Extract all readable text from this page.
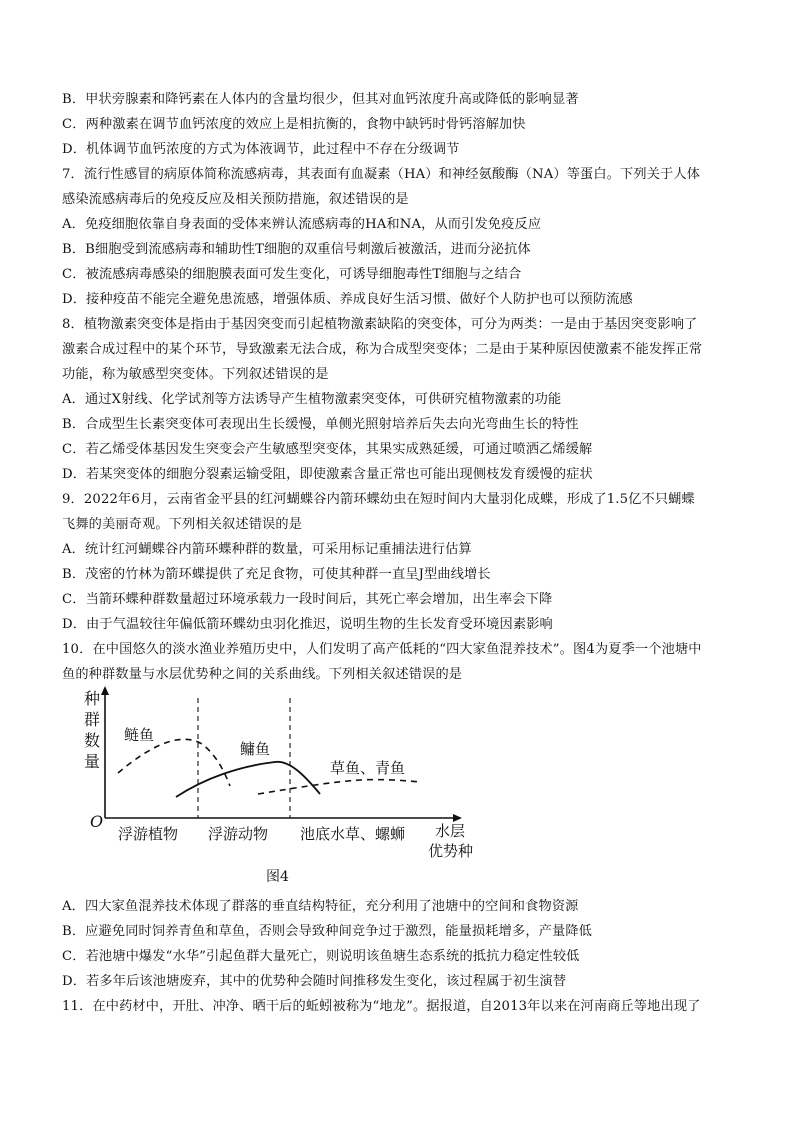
B．甲状旁腺素和降钙素在人体内的含量均很少，但其对血钙浓度升高或降低的影响显著
C．两种激素在调节血钙浓度的效应上是相抗衡的，食物中缺钙时骨钙溶解加快
D．机体调节血钙浓度的方式为体液调节，此过程中不存在分级调节
7．流行性感冒的病原体简称流感病毒，其表面有血凝素（HA）和神经氨酸酶（NA）等蛋白。下列关于人体
感染流感病毒后的免疫反应及相关预防措施，叙述错误的是
A．免疫细胞依靠自身表面的受体来辨认流感病毒的HA和NA，从而引发免疫反应
B．B细胞受到流感病毒和辅助性T细胞的双重信号刺激后被激活，进而分泌抗体
C．被流感病毒感染的细胞膜表面可发生变化，可诱导细胞毒性T细胞与之结合
D．接种疫苗不能完全避免患流感，增强体质、养成良好生活习惯、做好个人防护也可以预防流感
8．植物激素突变体是指由于基因突变而引起植物激素缺陷的突变体，可分为两类：一是由于基因突变影响了
激素合成过程中的某个环节，导致激素无法合成，称为合成型突变体；二是由于某种原因使激素不能发挥正常
功能，称为敏感型突变体。下列叙述错误的是
A．通过X射线、化学试剂等方法诱导产生植物激素突变体，可供研究植物激素的功能
B．合成型生长素突变体可表现出生长缓慢，单侧光照射培养后失去向光弯曲生长的特性
C．若乙烯受体基因发生突变会产生敏感型突变体，其果实成熟延缓，可通过喷洒乙烯缓解
D．若某突变体的细胞分裂素运输受阻，即使激素含量正常也可能出现侧枝发育缓慢的症状
9．2022年6月，云南省金平县的红河蝴蝶谷内箭环蝶幼虫在短时间内大量羽化成蝶，形成了1.5亿不只蝴蝶
飞舞的美丽奇观。下列相关叙述错误的是
A．统计红河蝴蝶谷内箭环蝶种群的数量，可采用标记重捕法进行估算
B．茂密的竹林为箭环蝶提供了充足食物，可使其种群一直呈J型曲线增长
C．当箭环蝶种群数量超过环境承载力一段时间后，其死亡率会增加，出生率会下降
D．由于气温较往年偏低箭环蝶幼虫羽化推迟，说明生物的生长发育受环境因素影响
10．在中国悠久的淡水渔业养殖历史中，人们发明了高产低耗的“四大家鱼混养技术”。图4为夏季一个池塘中
鱼的种群数量与水层优势种之间的关系曲线。下列相关叙述错误的是
种
群
数
量
O
鲢鱼
鳙鱼
草鱼、青鱼
浮游植物 浮游动物 池底水草、螺蛳 水层
优势种
图4
A．四大家鱼混养技术体现了群落的垂直结构特征，充分利用了池塘中的空间和食物资源
B．应避免同时饲养青鱼和草鱼，否则会导致种间竞争过于激烈，能量损耗增多，产量降低
C．若池塘中爆发“水华”引起鱼群大量死亡，则说明该鱼塘生态系统的抵抗力稳定性较低
D．若多年后该池塘废弃，其中的优势种会随时间推移发生变化，该过程属于初生演替
11．在中药材中，开肚、冲净、晒干后的蚯蚓被称为“地龙”。据报道，自2013年以来在河南商丘等地出现了
